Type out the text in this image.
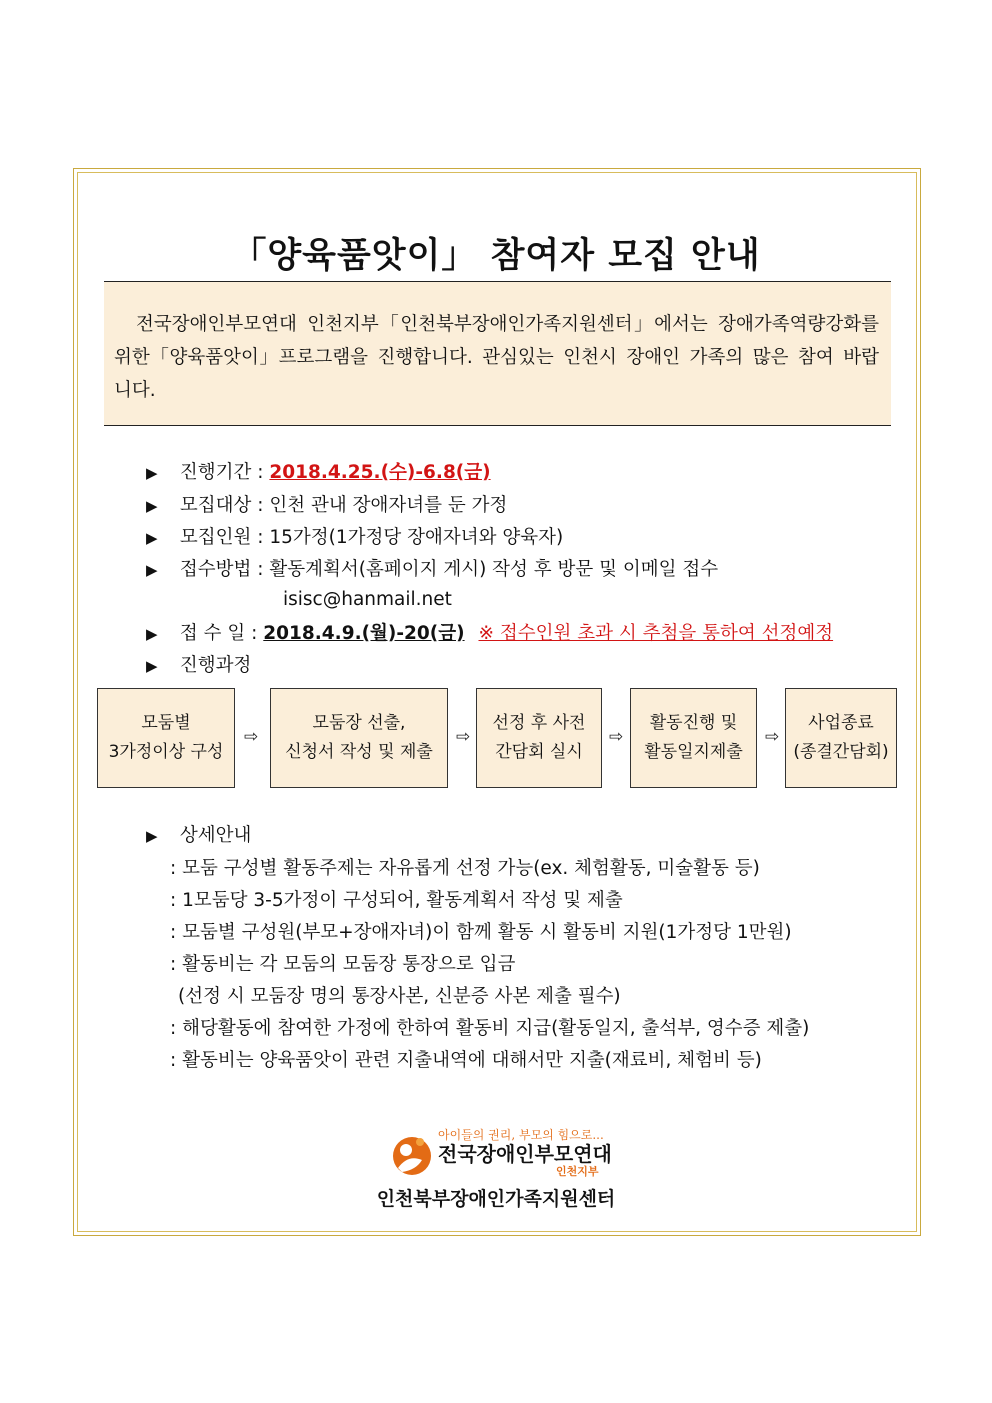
「양육품앗이」 참여자 모집 안내
전국장애인부모연대 인천지부「인천북부장애인가족지원센터」에서는 장애가족역량강화를 위한「양육품앗이」프로그램을 진행합니다. 관심있는 인천시 장애인 가족의 많은 참여 바랍니다.
▶ 진행기간 : 2018.4.25.(수)-6.8(금)
▶ 모집대상 : 인천 관내 장애자녀를 둔 가정
▶ 모집인원 : 15가정(1가정당 장애자녀와 양육자)
▶ 접수방법 : 활동계획서(홈페이지 게시) 작성 후 방문 및 이메일 접수
isisc@hanmail.net
▶ 접 수 일 : 2018.4.9.(월)-20(금) ※ 접수인원 초과 시 추첨을 통하여 선정예정
▶ 진행과정
모둠별
3가정이상 구성
⇨
모둠장 선출,
신청서 작성 및 제출
⇨
선정 후 사전
간담회 실시
⇨
활동진행 및
활동일지제출
⇨
사업종료
(종결간담회)
▶ 상세안내
: 모둠 구성별 활동주제는 자유롭게 선정 가능(ex. 체험활동, 미술활동 등)
: 1모둠당 3-5가정이 구성되어, 활동계획서 작성 및 제출
: 모둠별 구성원(부모+장애자녀)이 함께 활동 시 활동비 지원(1가정당 1만원)
: 활동비는 각 모둠의 모둠장 통장으로 입금
(선정 시 모둠장 명의 통장사본, 신분증 사본 제출 필수)
: 해당활동에 참여한 가정에 한하여 활동비 지급(활동일지, 출석부, 영수증 제출)
: 활동비는 양육품앗이 관련 지출내역에 대해서만 지출(재료비, 체험비 등)
아이들의 권리, 부모의 힘으로...
전국장애인부모연대
인천지부
인천북부장애인가족지원센터
